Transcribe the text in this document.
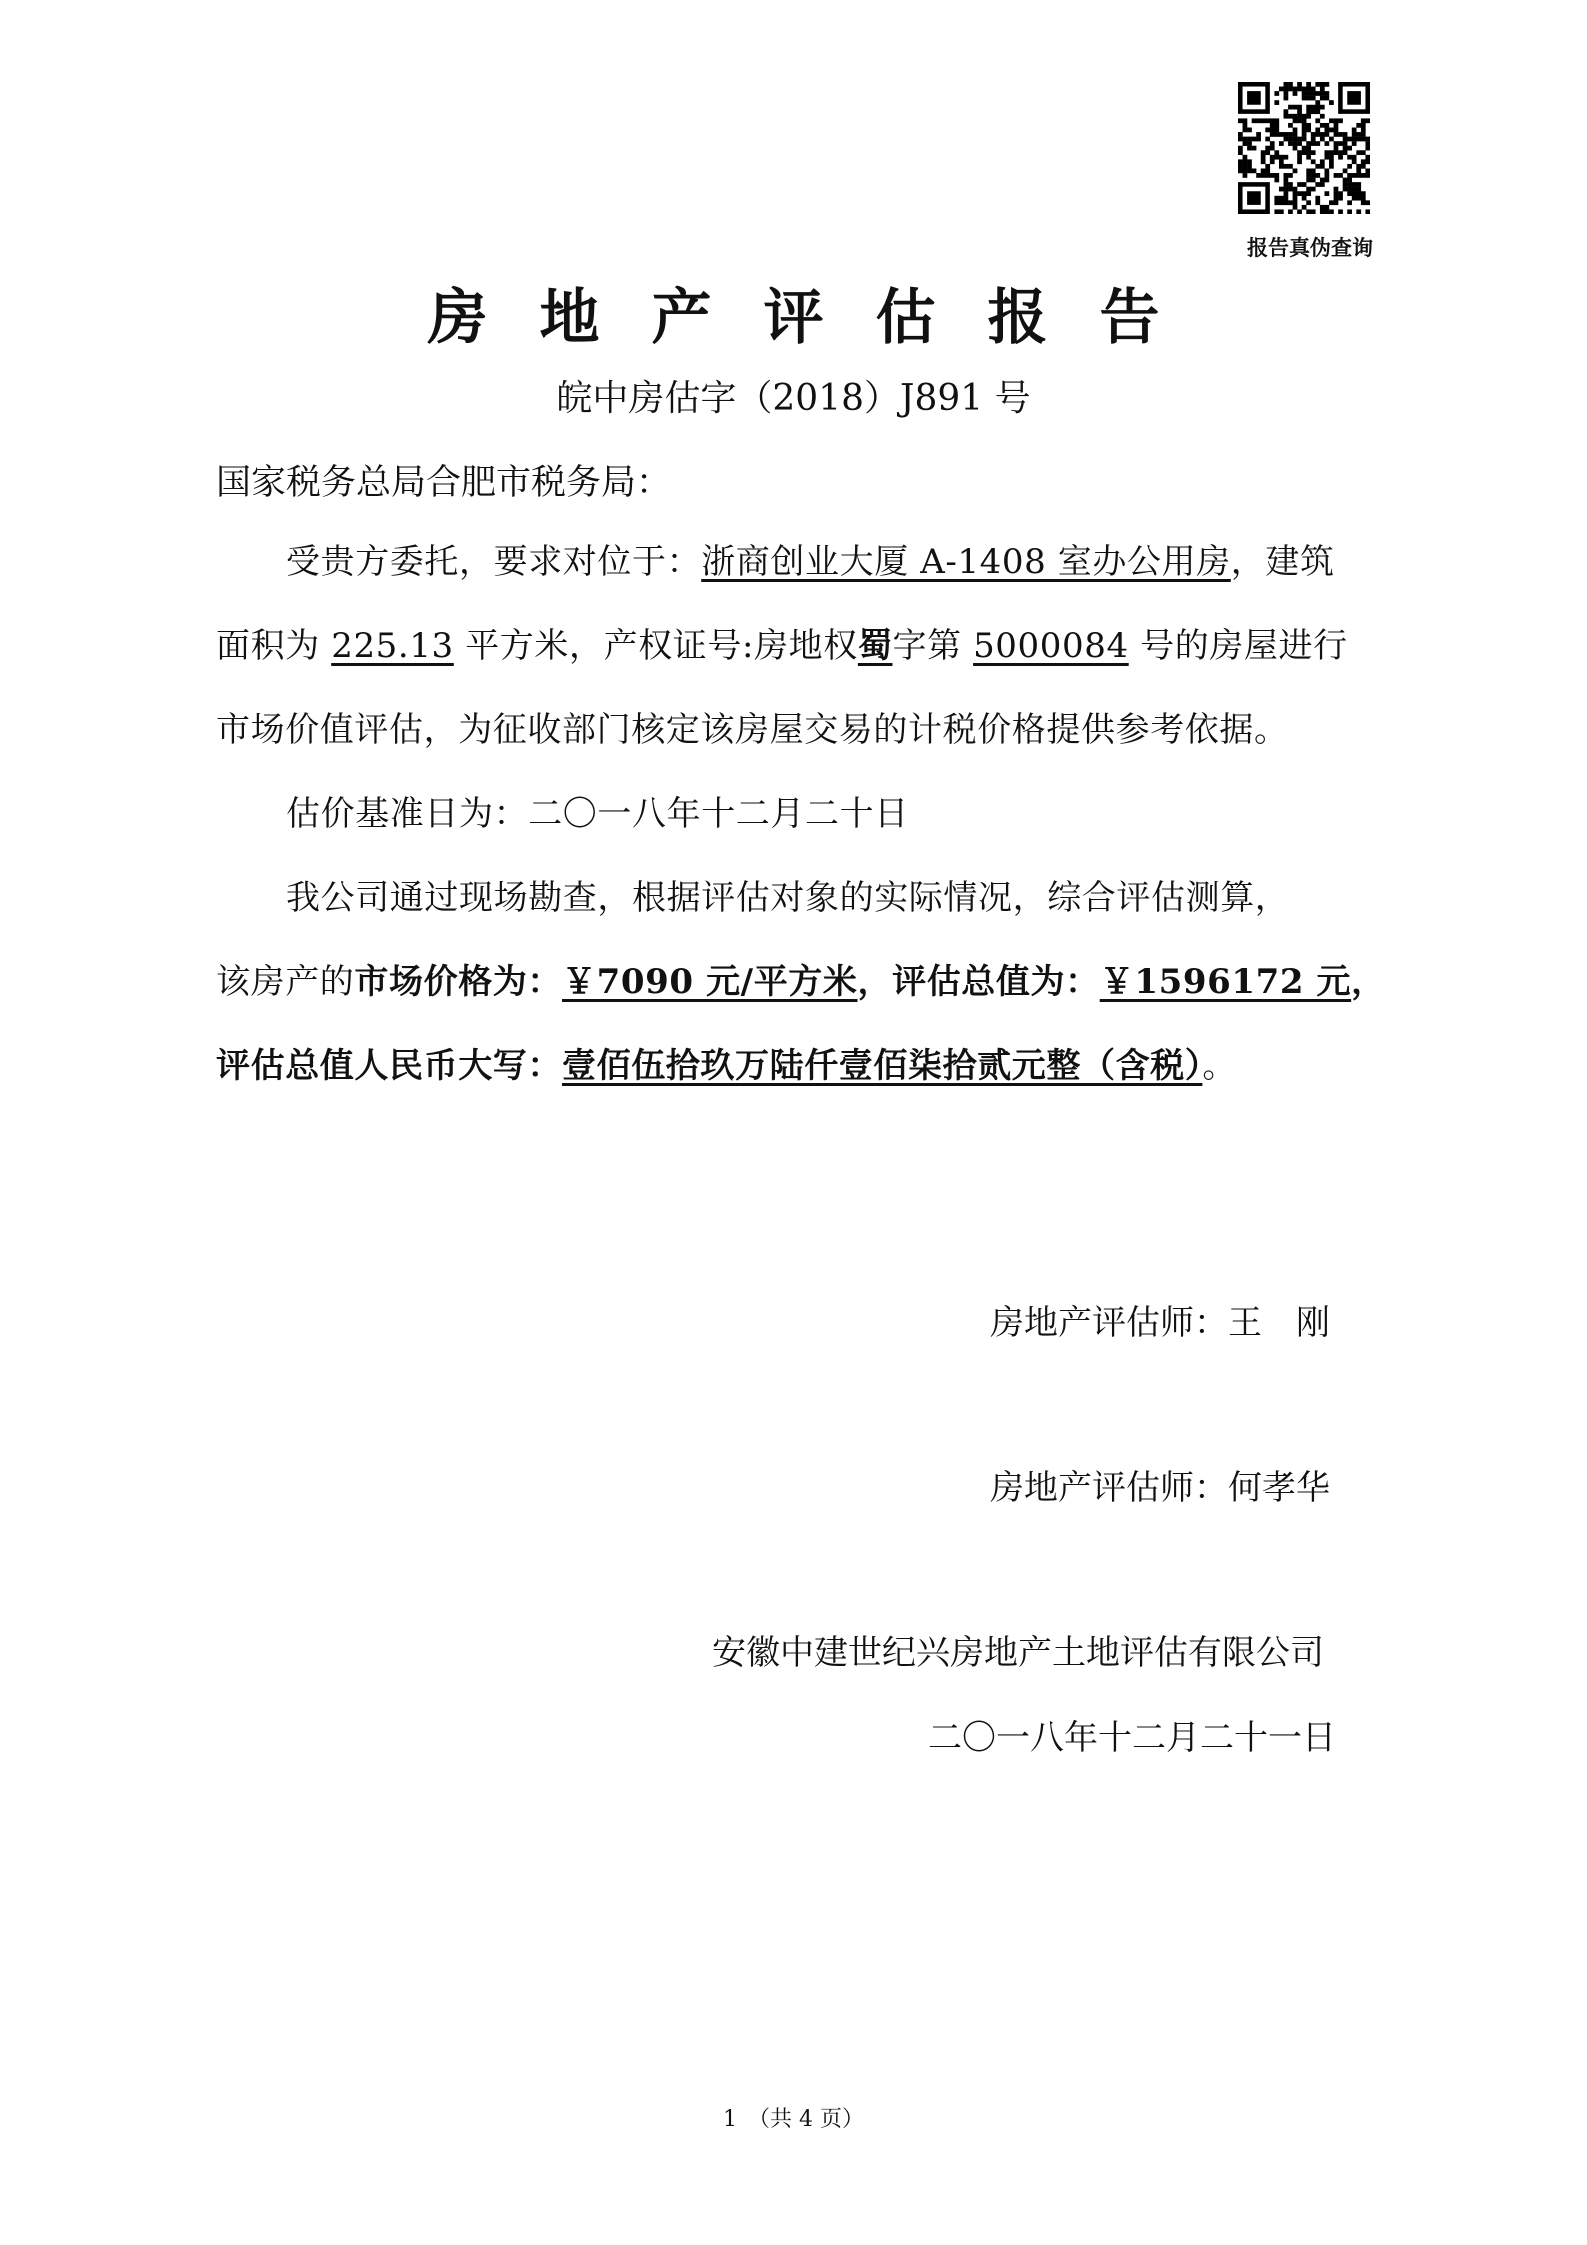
报告真伪查询
房地产评估报告
皖中房估字（2018）J891 号
国家税务总局合肥市税务局：
受贵方委托，要求对位于：浙商创业大厦 A-1408 室办公用房，建筑
面积为 225.13 平方米，产权证号:房地权蜀字第 5000084 号的房屋进行
市场价值评估，为征收部门核定该房屋交易的计税价格提供参考依据。
估价基准日为：二〇一八年十二月二十日
我公司通过现场勘查，根据评估对象的实际情况，综合评估测算，
该房产的市场价格为：￥7090 元/平方米，评估总值为：￥1596172 元，
评估总值人民币大写：壹佰伍拾玖万陆仟壹佰柒拾贰元整（含税）。
房地产评估师：王　刚
房地产评估师：何孝华
安徽中建世纪兴房地产土地评估有限公司
二〇一八年十二月二十一日
1　（共 4 页）
